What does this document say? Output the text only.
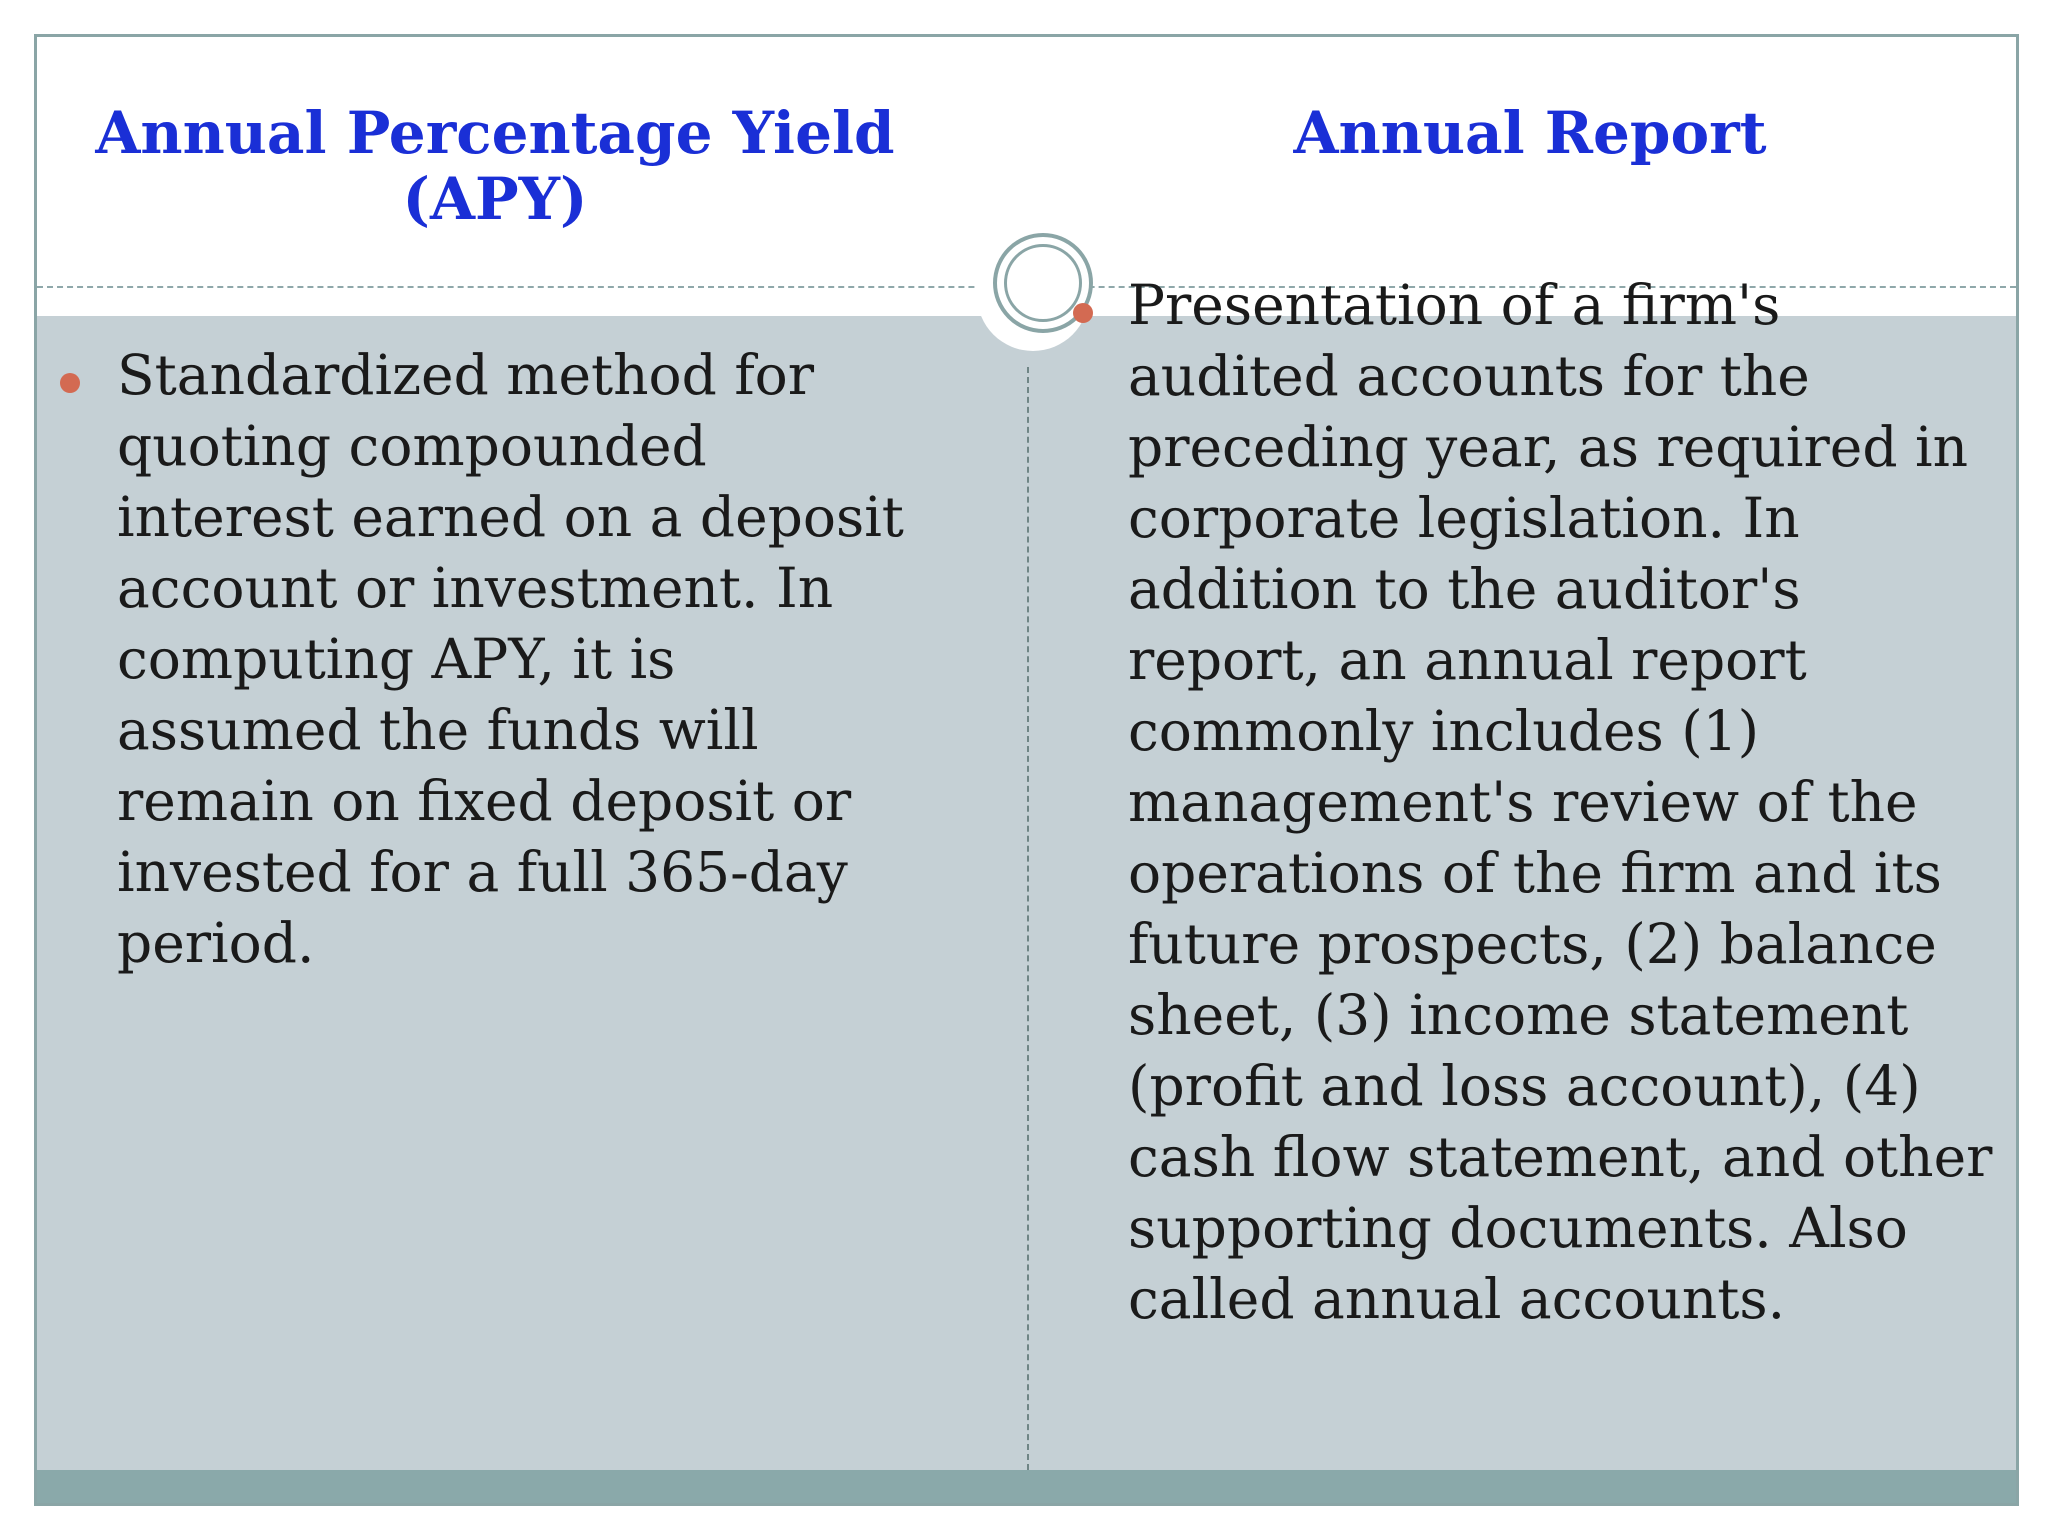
Annual Percentage Yield (APY)
Annual Report
Standardized method for quoting compounded interest earned on a deposit account or investment. In computing APY, it is assumed the funds will remain on fixed deposit or invested for a full 365-day period.
Presentation of a firm's audited accounts for the preceding year, as required in corporate legislation. In addition to the auditor's report, an annual report commonly includes (1) management's review of the operations of the firm and its future prospects, (2) balance sheet, (3) income statement (profit and loss account), (4) cash flow statement, and other supporting documents. Also called annual accounts.
